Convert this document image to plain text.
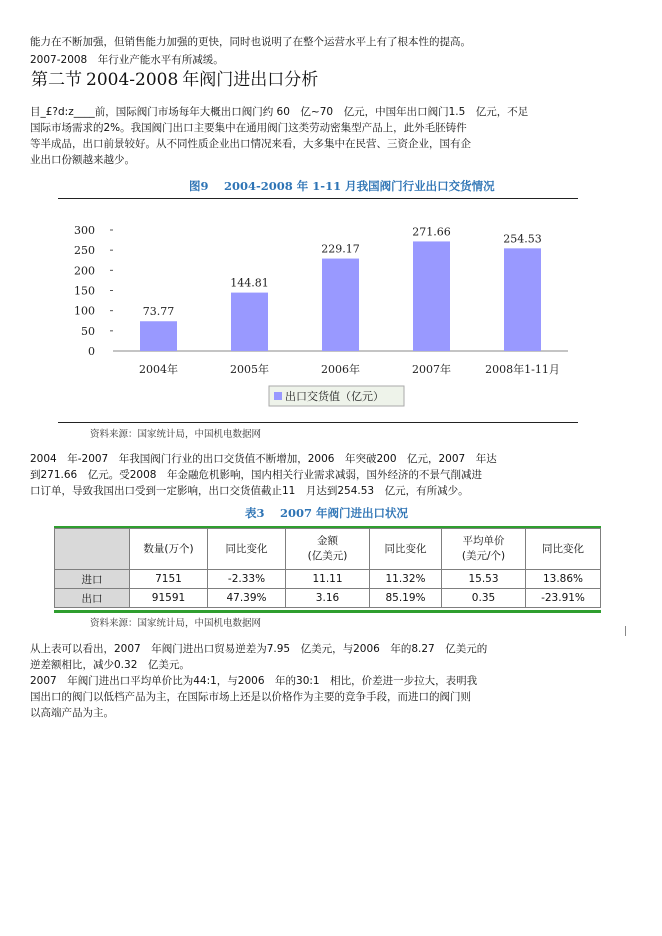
能力在不断加强，但销售能力加强的更快，同时也说明了在整个运营水平上有了根本性的提高。
2007-2008　年行业产能水平有所减缓。
第二节 2004-2008 年阀门进出口分析
目_£?d:z____前，国际阀门市场每年大概出口阀门约 60　亿~70　亿元，中国年出口阀门1.5　亿元，不足
国际市场需求的2%。我国阀门出口主要集中在通用阀门这类劳动密集型产品上，此外毛胚铸件
等半成品，出口前景较好。从不同性质企业出口情况来看，大多集中在民营、三资企业，国有企
业出口份额越来越少。
图9　 2004-2008 年 1-11 月我国阀门行业出口交货情况
0
50
100
150
200
250
300
73.77
2004年
144.81
2005年
229.17
2006年
271.66
2007年
254.53
2008年1-11月
出口交货值（亿元）
资料来源：国家统计局，中国机电数据网
2004　年-2007　年我国阀门行业的出口交货值不断增加，2006　年突破200　亿元，2007　年达
到271.66　亿元。受2008　年金融危机影响，国内相关行业需求减弱，国外经济的不景气削减进
口订单，导致我国出口受到一定影响，出口交货值截止11　月达到254.53　亿元，有所减少。
表3　 2007 年阀门进出口状况
	数量(万个)	同比变化	金额
(亿美元)	同比变化	平均单价
(美元/个)	同比变化
进口	7151	-2.33%	11.11	11.32%	15.53	13.86%
出口	91591	47.39%	3.16	85.19%	0.35	-23.91%
资料来源：国家统计局，中国机电数据网
从上表可以看出，2007　年阀门进出口贸易逆差为7.95　亿美元，与2006　年的8.27　亿美元的
逆差额相比，减少0.32　亿美元。
2007　年阀门进出口平均单价比为44:1，与2006　年的30:1　相比，价差进一步拉大，表明我
国出口的阀门以低档产品为主，在国际市场上还是以价格作为主要的竞争手段，而进口的阀门则
以高端产品为主。
